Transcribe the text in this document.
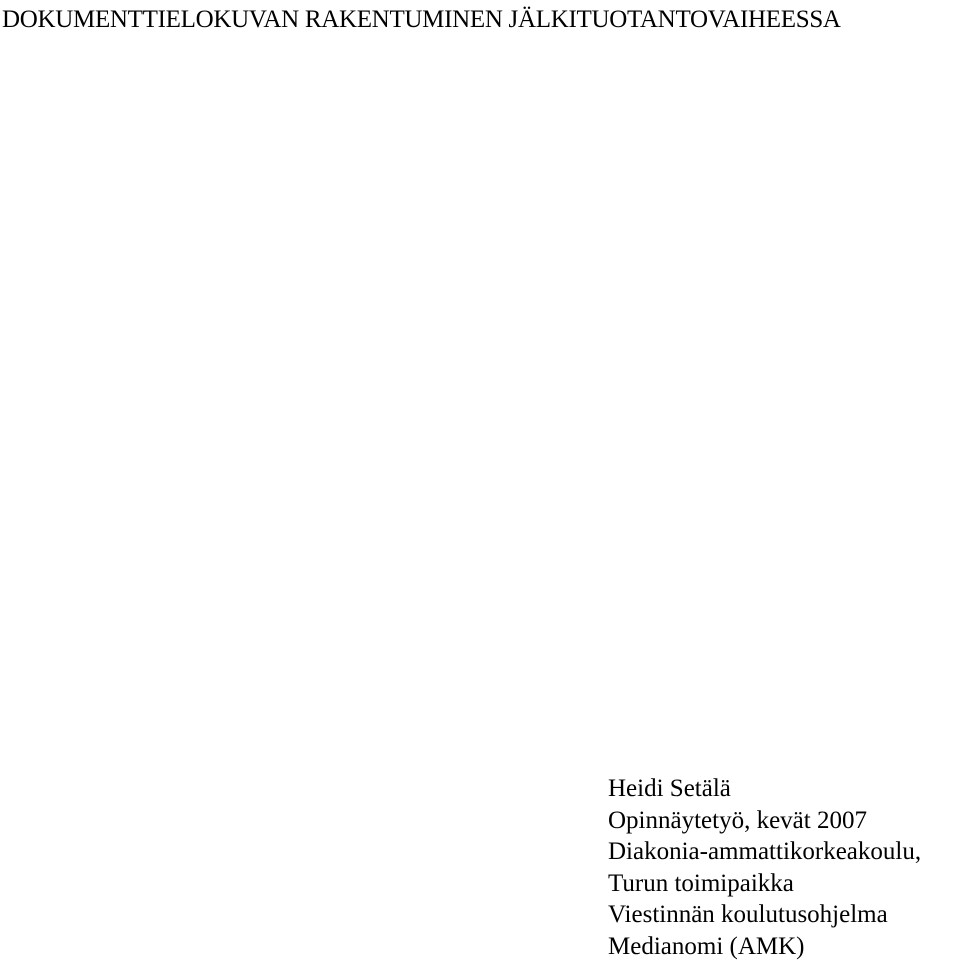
DOKUMENTTIELOKUVAN RAKENTUMINEN JÄLKITUOTANTOVAIHEESSA
Heidi Setälä
Opinnäytetyö, kevät 2007
Diakonia-ammattikorkeakoulu,
Turun toimipaikka
Viestinnän koulutusohjelma
Medianomi (AMK)
